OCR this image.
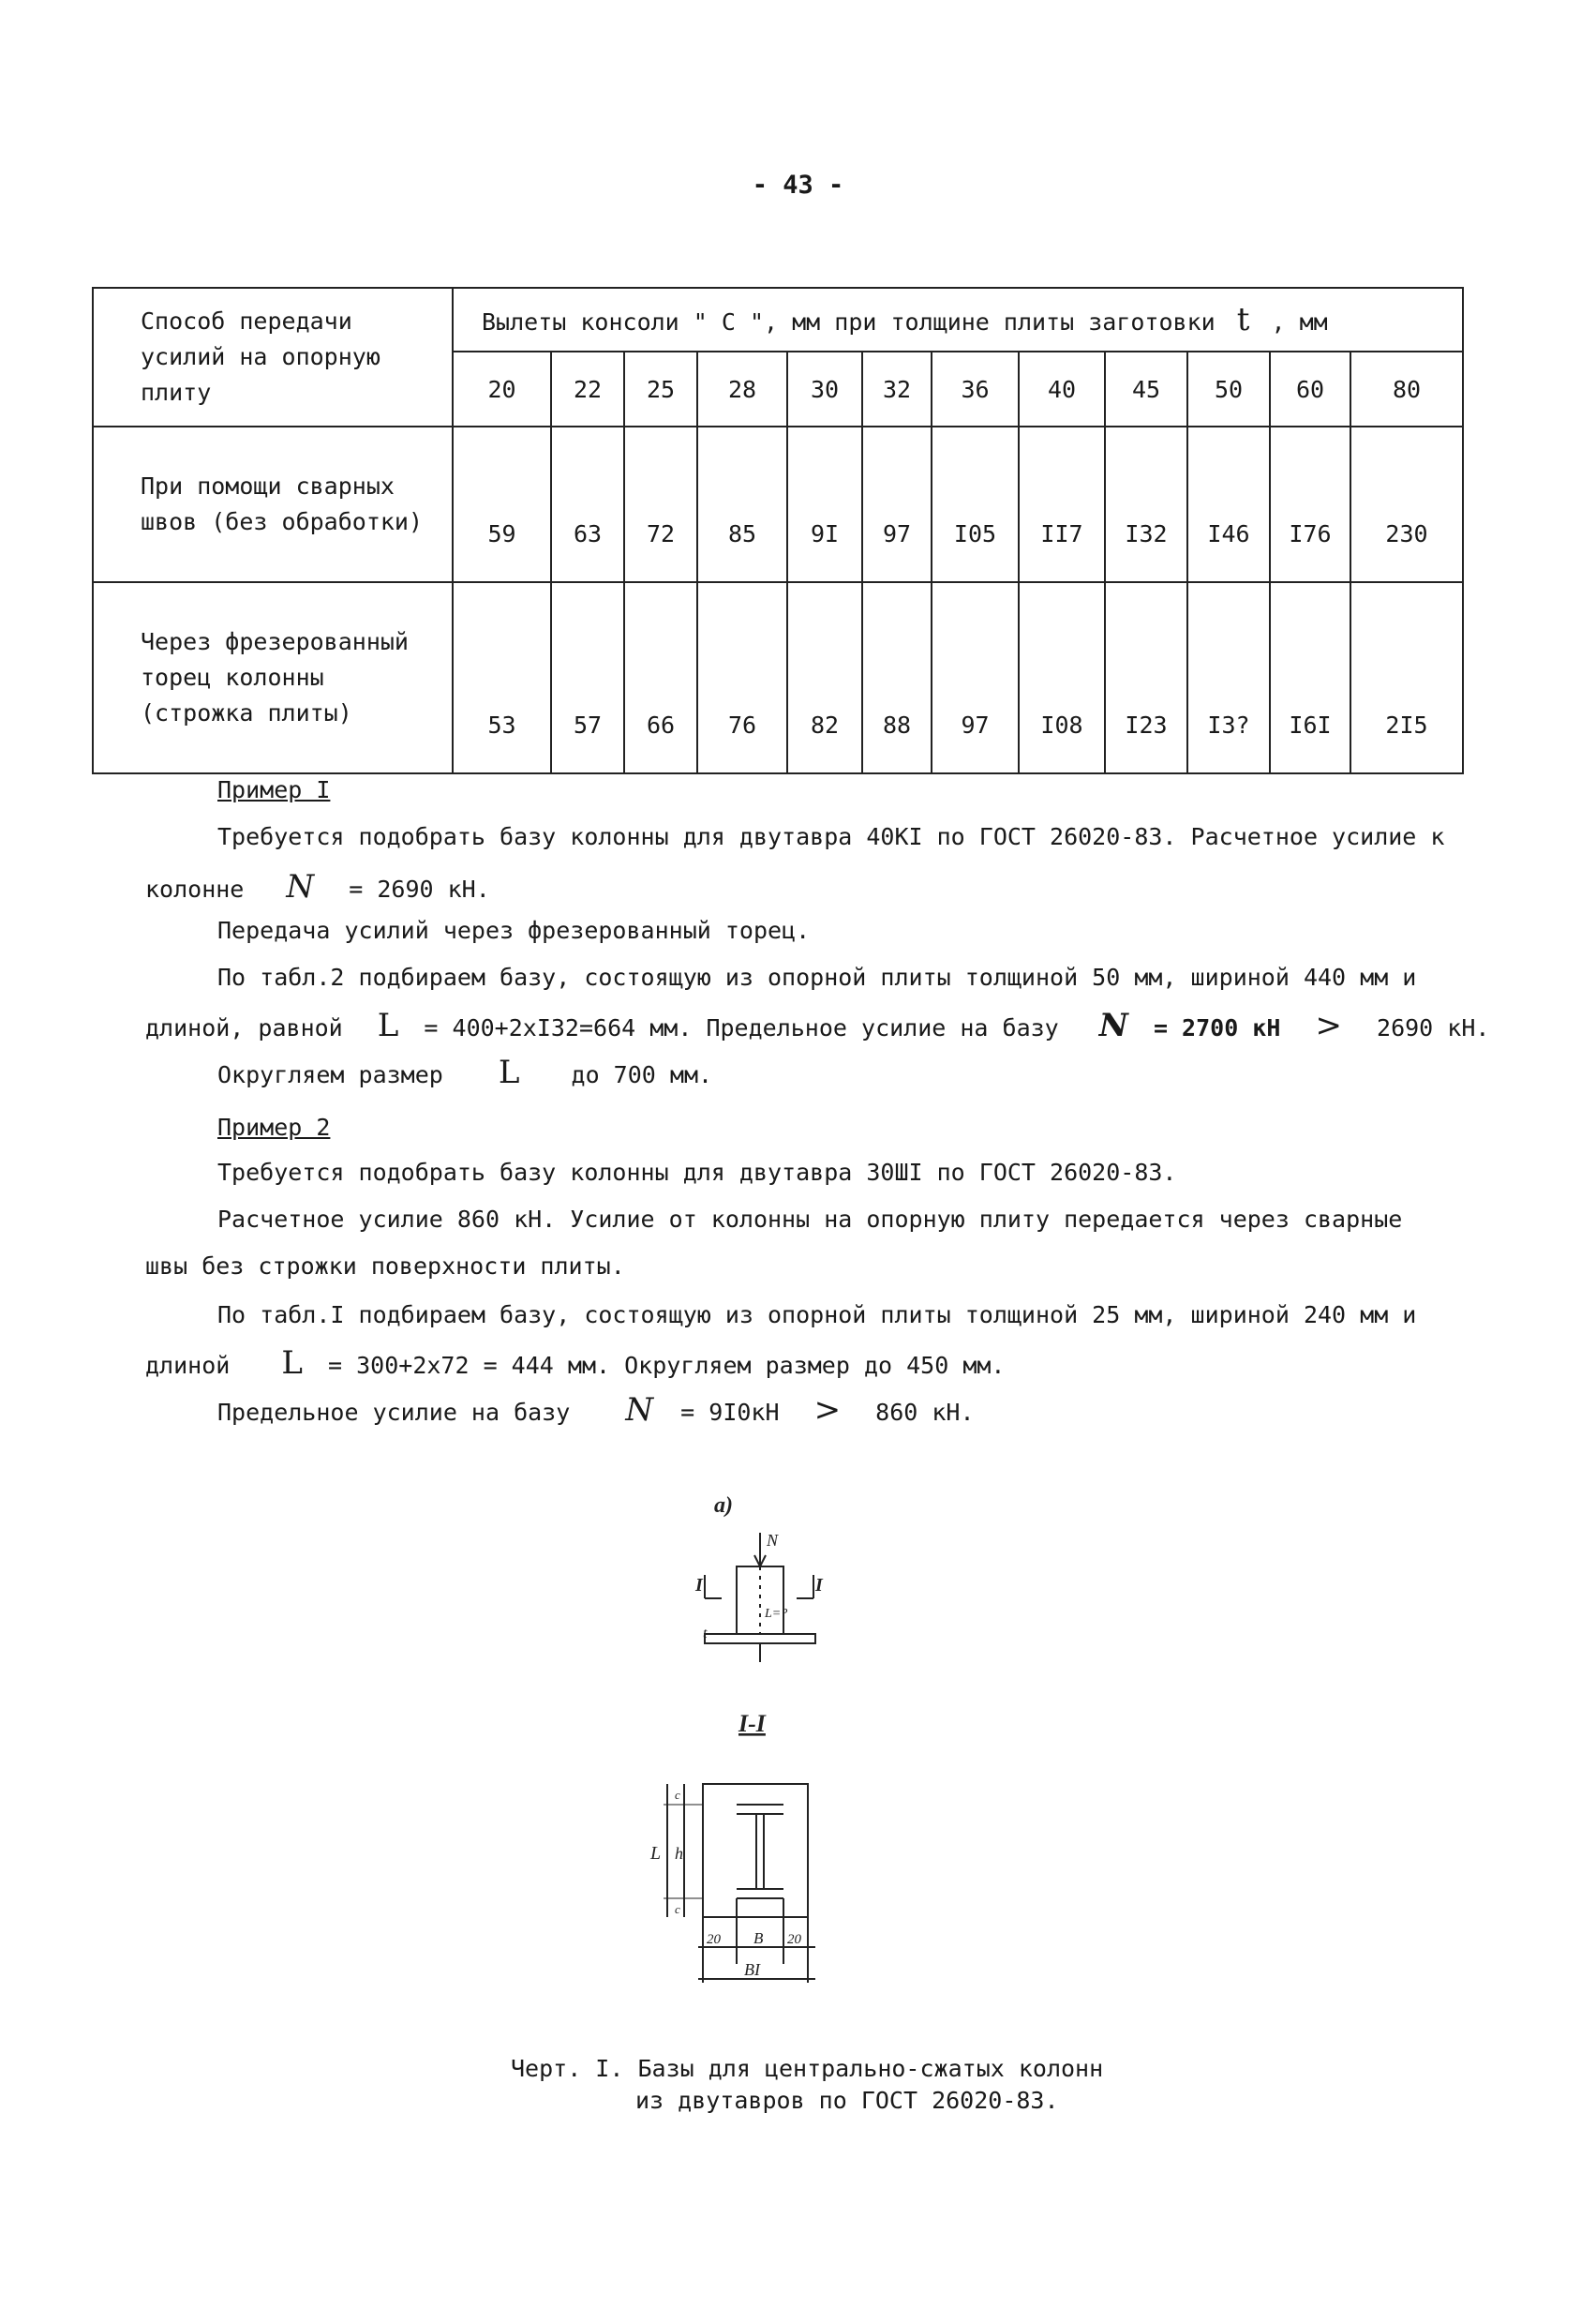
- 43 -
Способ передачи
усилий на опорную
плиту	Вылеты консоли " С ", мм при толщине плиты заготовки t , мм											
	20	22	25	28	30	32	36	40	45	50	60	80

При помощи сварных
швов (без обработки)	59	63	72	85	9I	97	I05	II7	I32	I46	I76	230

Через фрезерованный
торец колонны
(строжка плиты)	53	57	66	76	82	88	97	I08	I23	I3?	I6I	2I5
Пример I
Требуется подобрать базу колонны для двутавра 40КI по ГОСТ 26020-83. Расчетное усилие к
колонне N = 2690 кН.
Передача усилий через фрезерованный торец.
По табл.2 подбираем базу, состоящую из опорной плиты толщиной 50 мм, шириной 440 мм и
длиной, равной L = 400+2хI32=664 мм. Предельное усилие на базу N = 2700 кН > 2690 кН.
Округляем размер L до 700 мм.
Пример 2
Требуется подобрать базу колонны для двутавра 30ШI по ГОСТ 26020-83.
Расчетное усилие 860 кН. Усилие от колонны на опорную плиту передается через сварные
швы без строжки поверхности плиты.
По табл.I подбираем базу, состоящую из опорной плиты толщиной 25 мм, шириной 240 мм и
длиной L = 300+2х72 = 444 мм. Округляем размер до 450 мм.
Предельное усилие на базу N = 9I0кН > 860 кН.
a)
N
I	I
t
L=?
I-I
c
h
c
L
20 B 20
BI
Черт. I. Базы для центрально-сжатых колонн
из двутавров по ГОСТ 26020-83.
